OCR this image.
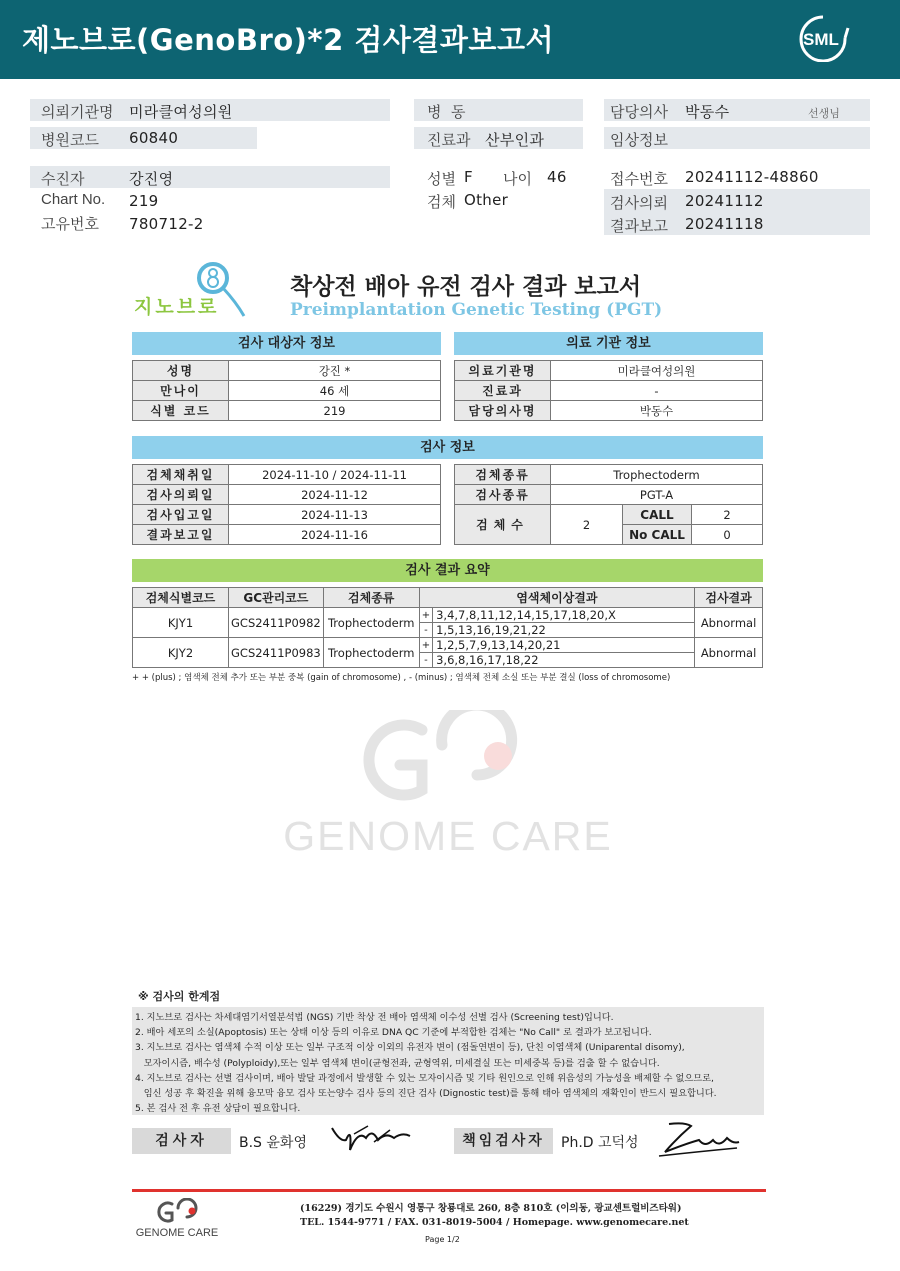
제노브로(GenoBro)*2 검사결과보고서	SML
의뢰기관명 미라클여성의원
병원코드 60840
병  동
진료과 산부인과
담당의사 박동수	선생님
임상정보
수진자	강진영
Chart No. 219
고유번호 780712-2
성별 F 나이 46
검체 Other
접수번호 20241112-48860
검사의뢰 20241112
결과보고 20241118
지노브로
착상전 배아 유전 검사 결과 보고서
Preimplantation Genetic Testing (PGT)
검사 대상자 정보	의료 기관 정보
성명	강진 *
만나이	46 세
식별 코드	219
의료기관명	미라클여성의원
진료과	-
담당의사명	박동수
검사 정보
검체채취일	2024-11-10 / 2024-11-11
검사의뢰일	2024-11-12
검사입고일	2024-11-13
결과보고일	2024-11-16
검체종류	Trophectoderm		
검사종류	PGT-A		
검체수	2	CALL	2
		No CALL	0
검사 결과 요약
검체식별코드	GC관리코드	검체종류	염색체이상결과		검사결과
KJY1	GCS2411P0982	Trophectoderm	+	3,4,7,8,11,12,14,15,17,18,20,X	Abnormal
			-	1,5,13,16,19,21,22	
KJY2	GCS2411P0983	Trophectoderm	+	1,2,5,7,9,13,14,20,21	Abnormal
			-	3,6,8,16,17,18,22	
+ + (plus) ; 염색체 전체 추가 또는 부분 중복 (gain of chromosome) , - (minus) ; 염색체 전체 소실 또는 부분 결실 (loss of chromosome)
GENOME CARE
※ 검사의 한계점

1. 지노브로 검사는 차세대염기서열분석법 (NGS) 기반 착상 전 배아 염색체 이수성 선별 검사 (Screening test)입니다.

2. 배아 세포의 소실(Apoptosis) 또는 상태 이상 등의 이유로 DNA QC 기준에 부적합한 검체는 "No Call" 로 결과가 보고됩니다.

3. 지노브로 검사는 염색체 수적 이상 또는 일부 구조적 이상 이외의 유전자 변이 (점돌연변이 등), 단친 이염색체 (Uniparental disomy),

모자이시즘, 배수성 (Polyploidy),또는 일부 염색체 변이(균형전좌, 균형역위, 미세결실 또는 미세중복 등)를 검출 할 수 없습니다.

4. 지노브로 검사는 선별 검사이며, 배아 발달 과정에서 발생할 수 있는 모자이시즘 및 기타 원인으로 인해 위음성의 가능성을 배제할 수 없으므로,

임신 성공 후 확진을 위해 융모막 융모 검사 또는양수 검사 등의 진단 검사 (Dignostic test)를 통해 태아 염색체의 재확인이 반드시 필요합니다.

5. 본 검사 전 후 유전 상담이 필요합니다.

검사자	B.S 윤화영	책임검사자	Ph.D 고덕성
GENOME CARE
(16229) 경기도 수원시 영통구 창룡대로 260, 8층 810호 (이의동, 광교센트럴비즈타워)
TEL. 1544-9771 / FAX. 031-8019-5004 / Homepage. www.genomecare.net
Page 1/2
